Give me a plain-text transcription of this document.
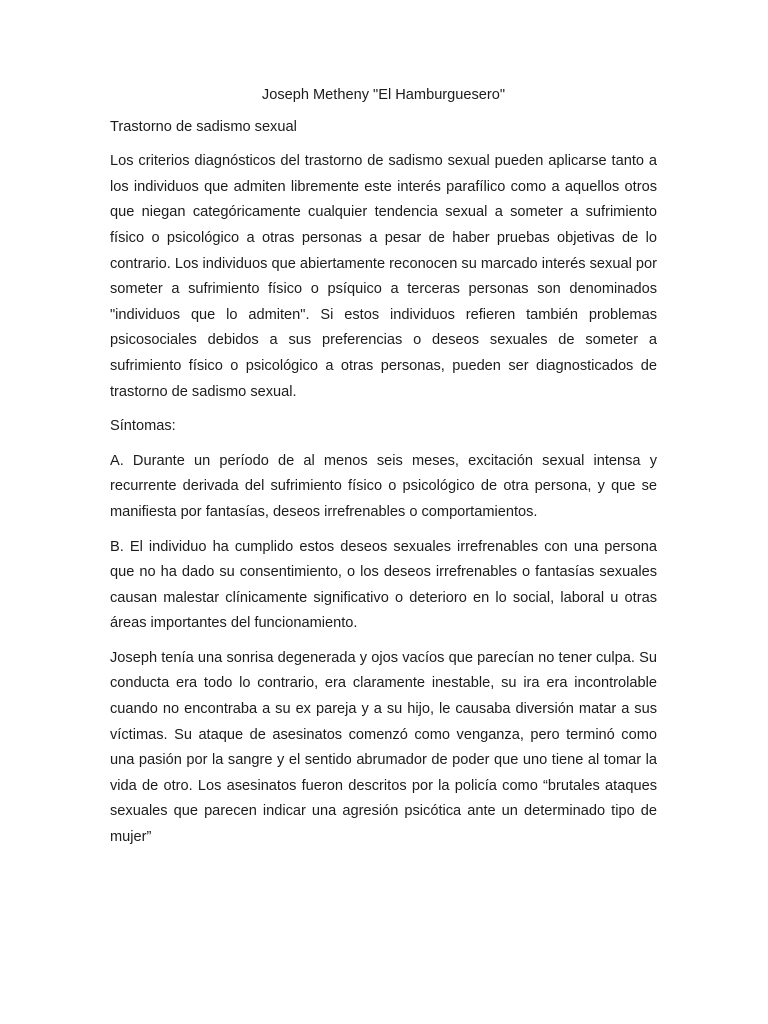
Joseph Metheny "El Hamburguesero"
Trastorno de sadismo sexual
Los criterios diagnósticos del trastorno de sadismo sexual pueden aplicarse tanto a los individuos que admiten libremente este interés parafílico como a aquellos otros que niegan categóricamente cualquier tendencia sexual a someter a sufrimiento físico o psicológico a otras personas a pesar de haber pruebas objetivas de lo contrario. Los individuos que abiertamente reconocen su marcado interés sexual por someter a sufrimiento físico o psíquico a terceras personas son denominados "individuos que lo admiten". Si estos individuos refieren también problemas psicosociales debidos a sus preferencias o deseos sexuales de someter a sufrimiento físico o psicológico a otras personas, pueden ser diagnosticados de trastorno de sadismo sexual.
Síntomas:
A. Durante un período de al menos seis meses, excitación sexual intensa y recurrente derivada del sufrimiento físico o psicológico de otra persona, y que se manifiesta por fantasías, deseos irrefrenables o comportamientos.
B. El individuo ha cumplido estos deseos sexuales irrefrenables con una persona que no ha dado su consentimiento, o los deseos irrefrenables o fantasías sexuales causan malestar clínicamente significativo o deterioro en lo social, laboral u otras áreas importantes del funcionamiento.
Joseph tenía una sonrisa degenerada y ojos vacíos que parecían no tener culpa. Su conducta era todo lo contrario, era claramente inestable, su ira era incontrolable cuando no encontraba a su ex pareja y a su hijo, le causaba diversión matar a sus víctimas. Su ataque de asesinatos comenzó como venganza, pero terminó como una pasión por la sangre y el sentido abrumador de poder que uno tiene al tomar la vida de otro. Los asesinatos fueron descritos por la policía como “brutales ataques sexuales que parecen indicar una agresión psicótica ante un determinado tipo de mujer”
